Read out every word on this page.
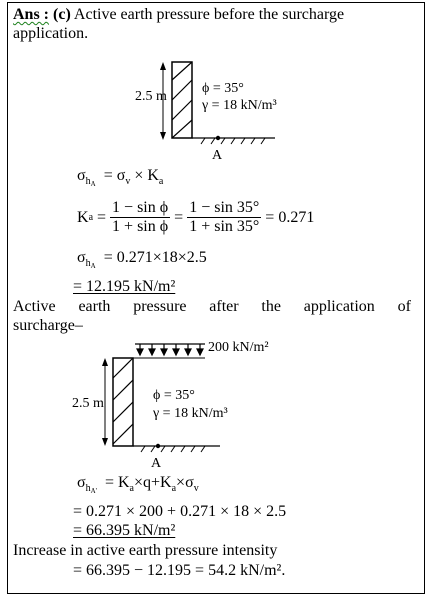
Ans : (c) Active earth pressure before the surcharge
application.
2.5 m
ϕ = 35°
γ = 18 kN/m³
A
$\sigma_{h_A} = \sigma_v \times K_a$
K a
=
$\frac{\text{1 − sin ϕ}}{\text{1 + sin ϕ}}$
=
$\frac{1 - \sin 35^\circ}{1 + \sin 35^\circ}$
= 0.271
$\sigma_{h_A} = 0.271\times 18\times 2.5$
= 12.195 kN/m²
Active earth pressure after the application of
surcharge–
200 kN/m²
2.5 m
ϕ = 35°
γ = 18 kN/m³
A
$\sigma_{h_{A'}} = K_a\times q+K_a\times\sigma_v$
= 0.271 × 200 + 0.271 × 18 × 2.5
= 66.395 kN/m²
Increase in active earth pressure intensity
= 66.395 − 12.195 = 54.2 kN/m².
